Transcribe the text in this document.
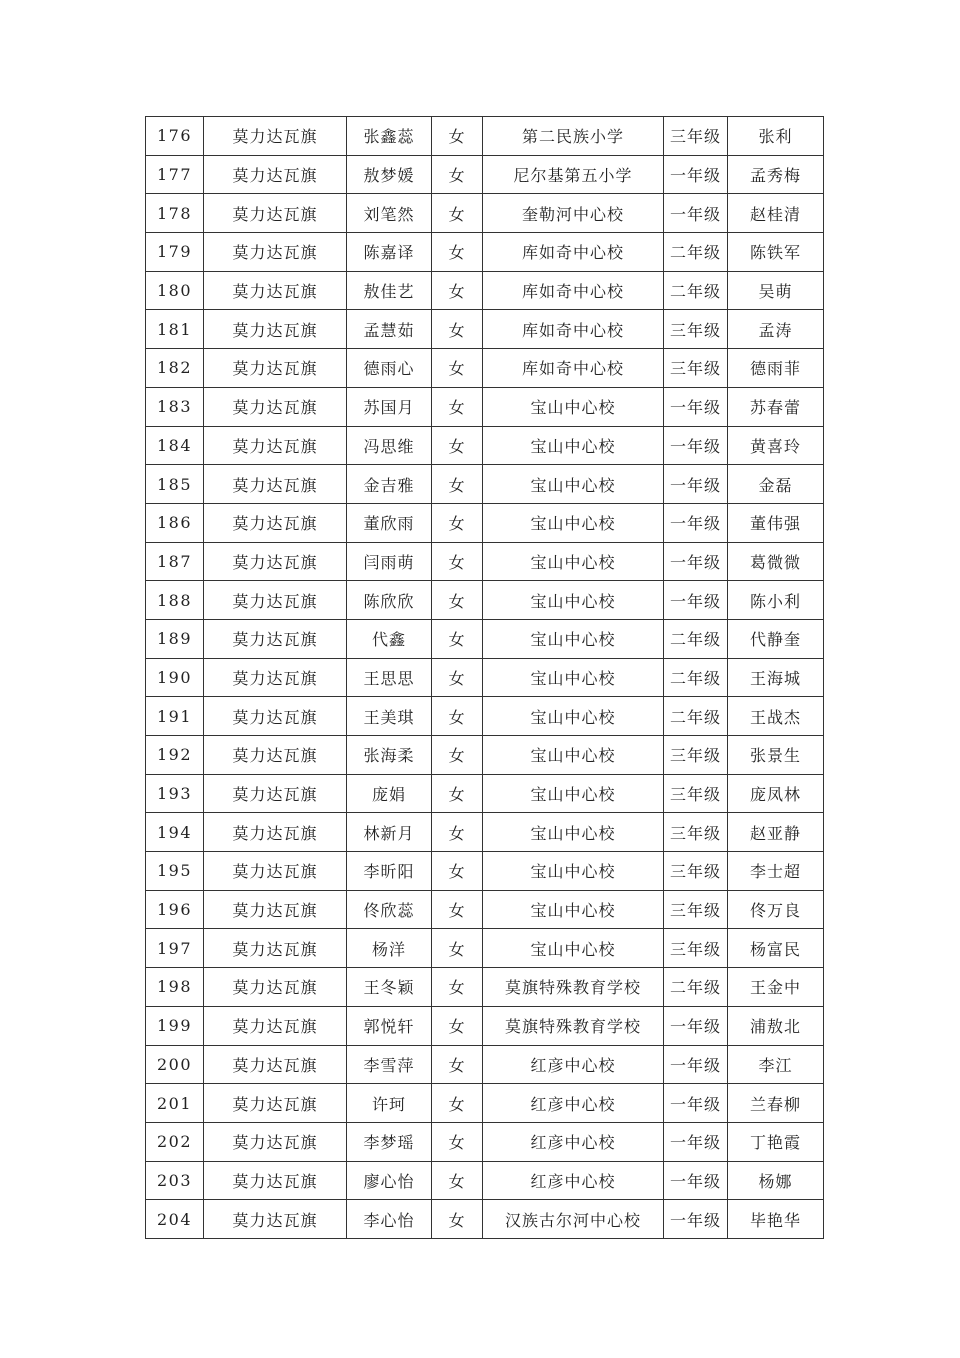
176	莫力达瓦旗	张鑫蕊	女	第二民族小学	三年级	张利
177	莫力达瓦旗	敖梦媛	女	尼尔基第五小学	一年级	孟秀梅
178	莫力达瓦旗	刘笔然	女	奎勒河中心校	一年级	赵桂清
179	莫力达瓦旗	陈嘉译	女	库如奇中心校	二年级	陈铁军
180	莫力达瓦旗	敖佳艺	女	库如奇中心校	二年级	吴萌
181	莫力达瓦旗	孟慧茹	女	库如奇中心校	三年级	孟涛
182	莫力达瓦旗	德雨心	女	库如奇中心校	三年级	德雨菲
183	莫力达瓦旗	苏国月	女	宝山中心校	一年级	苏春蕾
184	莫力达瓦旗	冯思维	女	宝山中心校	一年级	黄喜玲
185	莫力达瓦旗	金吉雅	女	宝山中心校	一年级	金磊
186	莫力达瓦旗	董欣雨	女	宝山中心校	一年级	董伟强
187	莫力达瓦旗	闫雨萌	女	宝山中心校	一年级	葛微微
188	莫力达瓦旗	陈欣欣	女	宝山中心校	一年级	陈小利
189	莫力达瓦旗	代鑫	女	宝山中心校	二年级	代静奎
190	莫力达瓦旗	王思思	女	宝山中心校	二年级	王海城
191	莫力达瓦旗	王美琪	女	宝山中心校	二年级	王战杰
192	莫力达瓦旗	张海柔	女	宝山中心校	三年级	张景生
193	莫力达瓦旗	庞娟	女	宝山中心校	三年级	庞凤林
194	莫力达瓦旗	林新月	女	宝山中心校	三年级	赵亚静
195	莫力达瓦旗	李昕阳	女	宝山中心校	三年级	李士超
196	莫力达瓦旗	佟欣蕊	女	宝山中心校	三年级	佟万良
197	莫力达瓦旗	杨洋	女	宝山中心校	三年级	杨富民
198	莫力达瓦旗	王冬颖	女	莫旗特殊教育学校	二年级	王金中
199	莫力达瓦旗	郭悦轩	女	莫旗特殊教育学校	一年级	浦敖北
200	莫力达瓦旗	李雪萍	女	红彦中心校	一年级	李江
201	莫力达瓦旗	许珂	女	红彦中心校	一年级	兰春柳
202	莫力达瓦旗	李梦瑶	女	红彦中心校	一年级	丁艳霞
203	莫力达瓦旗	廖心怡	女	红彦中心校	一年级	杨娜
204	莫力达瓦旗	李心怡	女	汉族古尔河中心校	一年级	毕艳华
